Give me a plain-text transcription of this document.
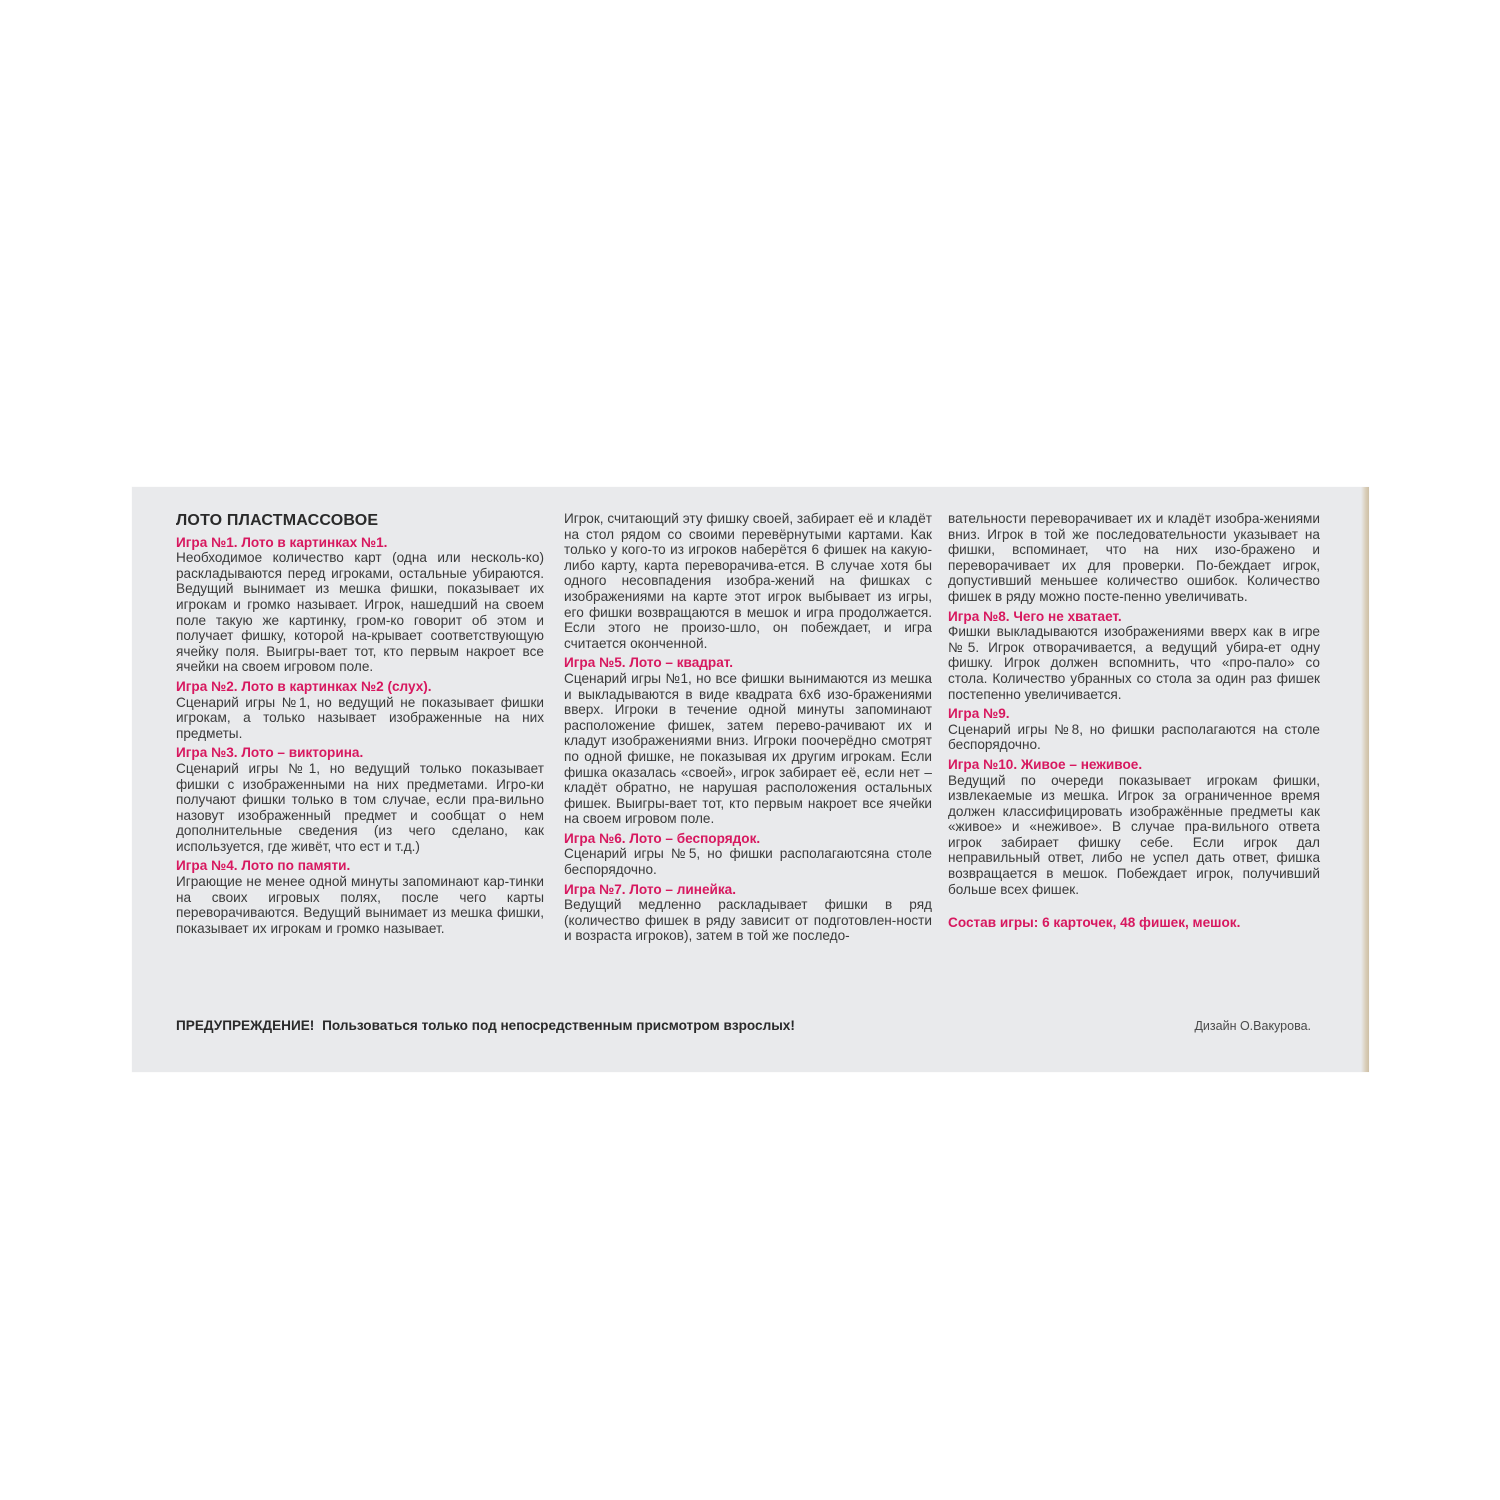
ЛОТО ПЛАСТМАССОВОЕ
Игра №1. Лото в картинках №1.
Необходимое количество карт (одна или несколь-ко) раскладываются перед игроками, остальные убираются. Ведущий вынимает из мешка фишки, показывает их игрокам и громко называет. Игрок, нашедший на своем поле такую же картинку, гром-ко говорит об этом и получает фишку, которой на-крывает соответствующую ячейку поля. Выигры-вает тот, кто первым накроет все ячейки на своем игровом поле.
Игра №2. Лото в картинках №2 (слух).
Сценарий игры №1, но ведущий не показывает фишки игрокам, а только называет изображенные на них предметы.
Игра №3. Лото – викторина.
Сценарий игры №1, но ведущий только показывает фишки с изображенными на них предметами. Игро-ки получают фишки только в том случае, если пра-вильно назовут изображенный предмет и сообщат о нем дополнительные сведения (из чего сделано, как используется, где живёт, что ест и т.д.)
Игра №4. Лото по памяти.
Играющие не менее одной минуты запоминают кар-тинки на своих игровых полях, после чего карты переворачиваются. Ведущий вынимает из мешка фишки, показывает их игрокам и громко называет.
Игрок, считающий эту фишку своей, забирает её и кладёт на стол рядом со своими перевёрнутыми картами. Как только у кого-то из игроков наберётся 6 фишек на какую-либо карту, карта переворачива-ется. В случае хотя бы одного несовпадения изобра-жений на фишках с изображениями на карте этот игрок выбывает из игры, его фишки возвращаются в мешок и игра продолжается. Если этого не произо-шло, он побеждает, и игра считается оконченной.
Игра №5. Лото – квадрат.
Сценарий игры №1, но все фишки вынимаются из мешка и выкладываются в виде квадрата 6х6 изо-бражениями вверх. Игроки в течение одной минуты запоминают расположение фишек, затем перево-рачивают их и кладут изображениями вниз. Игроки поочерёдно смотрят по одной фишке, не показывая их другим игрокам. Если фишка оказалась «своей», игрок забирает её, если нет – кладёт обратно, не нарушая расположения остальных фишек. Выигры-вает тот, кто первым накроет все ячейки на своем игровом поле.
Игра №6. Лото – беспорядок.
Сценарий игры №5, но фишки располагаютсяна столе беспорядочно.
Игра №7. Лото – линейка.
Ведущий медленно раскладывает фишки в ряд (количество фишек в ряду зависит от подготовлен-ности и возраста игроков), затем в той же последо-
вательности переворачивает их и кладёт изобра-жениями вниз. Игрок в той же последовательности указывает на фишки, вспоминает, что на них изо-бражено и переворачивает их для проверки. По-беждает игрок, допустивший меньшее количество ошибок. Количество фишек в ряду можно посте-пенно увеличивать.
Игра №8. Чего не хватает.
Фишки выкладываются изображениями вверх как в игре №5. Игрок отворачивается, а ведущий убира-ет одну фишку. Игрок должен вспомнить, что «про-пало» со стола. Количество убранных со стола за один раз фишек постепенно увеличивается.
Игра №9.
Сценарий игры №8, но фишки располагаются на столе беспорядочно.
Игра №10. Живое – неживое.
Ведущий по очереди показывает игрокам фишки, извлекаемые из мешка. Игрок за ограниченное время должен классифицировать изображённые предметы как «живое» и «неживое». В случае пра-вильного ответа игрок забирает фишку себе. Если игрок дал неправильный ответ, либо не успел дать ответ, фишка возвращается в мешок. Побеждает игрок, получивший больше всех фишек.
Состав игры: 6 карточек, 48 фишек, мешок.
ПРЕДУПРЕЖДЕНИЕ! Пользоваться только под непосредственным присмотром взрослых!	Дизайн О.Вакурова.
